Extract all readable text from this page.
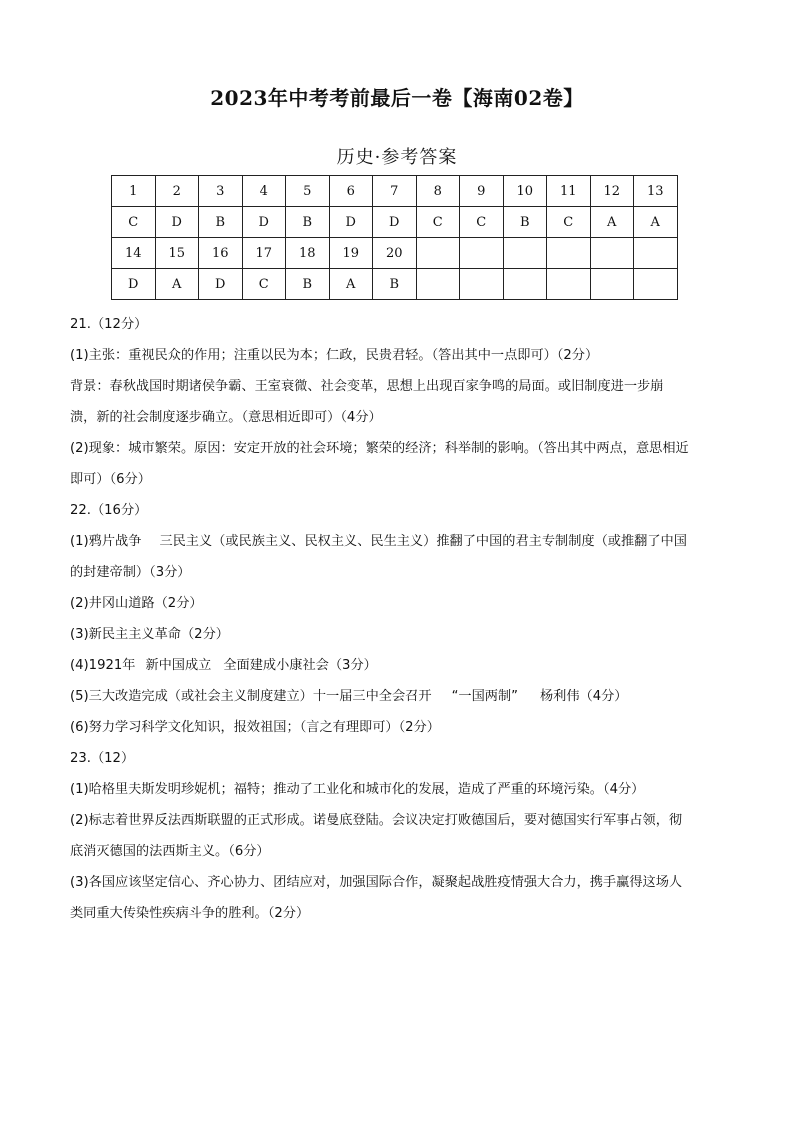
2023年中考考前最后一卷【海南02卷】
历史·参考答案
1	2	3	4	5	6	7	8	9	10	11	12	13
C	D	B	D	B	D	D	C	C	B	C	A	A
14	15	16	17	18	19	20						
D	A	D	C	B	A	B						

21.（12分）

(1)主张：重视民众的作用；注重以民为本；仁政，民贵君轻。（答出其中一点即可）（2分）

背景：春秋战国时期诸侯争霸、王室衰微、社会变革，思想上出现百家争鸣的局面。或旧制度进一步崩

溃，新的社会制度逐步确立。（意思相近即可）（4分）

(2)现象：城市繁荣。原因：安定开放的社会环境；繁荣的经济；科举制的影响。（答出其中两点，意思相近

即可）（6分）

22.（16分）

(1)鸦片战争 三民主义（或民族主义、民权主义、民生主义）推翻了中国的君主专制制度（或推翻了中国

的封建帝制）（3分）

(2)井冈山道路（2分）

(3)新民主主义革命（2分）

(4)1921年 新中国成立 全面建成小康社会（3分）

(5)三大改造完成（或社会主义制度建立）十一届三中全会召开 “一国两制” 杨利伟（4分）

(6)努力学习科学文化知识，报效祖国；（言之有理即可）（2分）

23.（12）

(1)哈格里夫斯发明珍妮机；福特；推动了工业化和城市化的发展，造成了严重的环境污染。（4分）

(2)标志着世界反法西斯联盟的正式形成。诺曼底登陆。会议决定打败德国后，要对德国实行军事占领，彻

底消灭德国的法西斯主义。（6分）

(3)各国应该坚定信心、齐心协力、团结应对，加强国际合作，凝聚起战胜疫情强大合力，携手赢得这场人

类同重大传染性疾病斗争的胜利。（2分）
